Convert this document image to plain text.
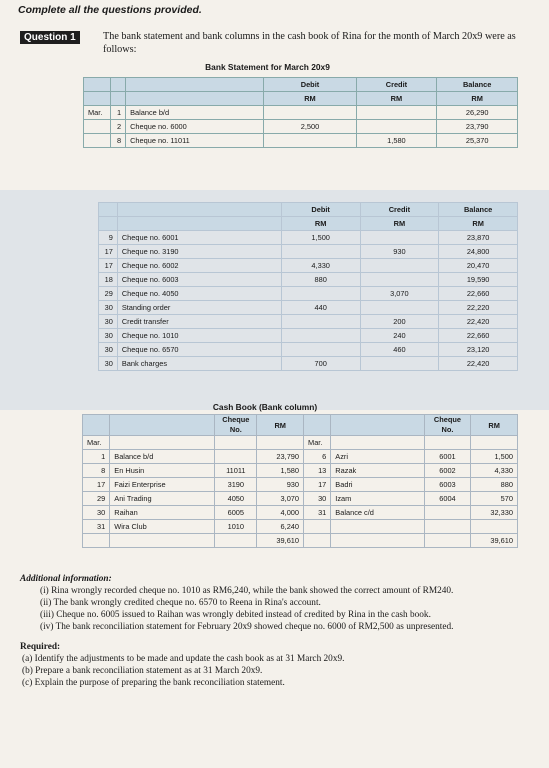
Complete all the questions provided.
Question 1	The bank statement and bank columns in the cash book of Rina for the month of March 20x9 were as follows:
Bank Statement for March 20x9
			Debit	Credit	Balance
			RM	RM	RM
Mar.	1	Balance b/d			26,290
	2	Cheque no. 6000	2,500		23,790
	8	Cheque no. 11011		1,580	25,370
		Debit	Credit	Balance
		RM	RM	RM
9	Cheque no. 6001	1,500		23,870
17	Cheque no. 3190		930	24,800
17	Cheque no. 6002	4,330		20,470
18	Cheque no. 6003	880		19,590
29	Cheque no. 4050		3,070	22,660
30	Standing order	440		22,220
30	Credit transfer		200	22,420
30	Cheque no. 1010		240	22,660
30	Cheque no. 6570		460	23,120
30	Bank charges	700		22,420
Cash Book (Bank column)
		Cheque No.	RM			Cheque No.	RM
Mar.				Mar.			
1	Balance b/d		23,790	6	Azri	6001	1,500
8	En Husin	11011	1,580	13	Razak	6002	4,330
17	Faizi Enterprise	3190	930	17	Badri	6003	880
29	Ani Trading	4050	3,070	30	Izam	6004	570
30	Raihan	6005	4,000	31	Balance c/d		32,330
31	Wira Club	1010	6,240				
			39,610				39,610

Additional information:

(i) Rina wrongly recorded cheque no. 1010 as RM6,240, while the bank showed the correct amount of RM240.

(ii) The bank wrongly credited cheque no. 6570 to Reena in Rina's account.

(iii) Cheque no. 6005 issued to Raihan was wrongly debited instead of credited by Rina in the cash book.

(iv) The bank reconciliation statement for February 20x9 showed cheque no. 6000 of RM2,500 as unpresented.

Required:

(a) Identify the adjustments to be made and update the cash book as at 31 March 20x9.

(b) Prepare a bank reconciliation statement as at 31 March 20x9.

(c) Explain the purpose of preparing the bank reconciliation statement.
